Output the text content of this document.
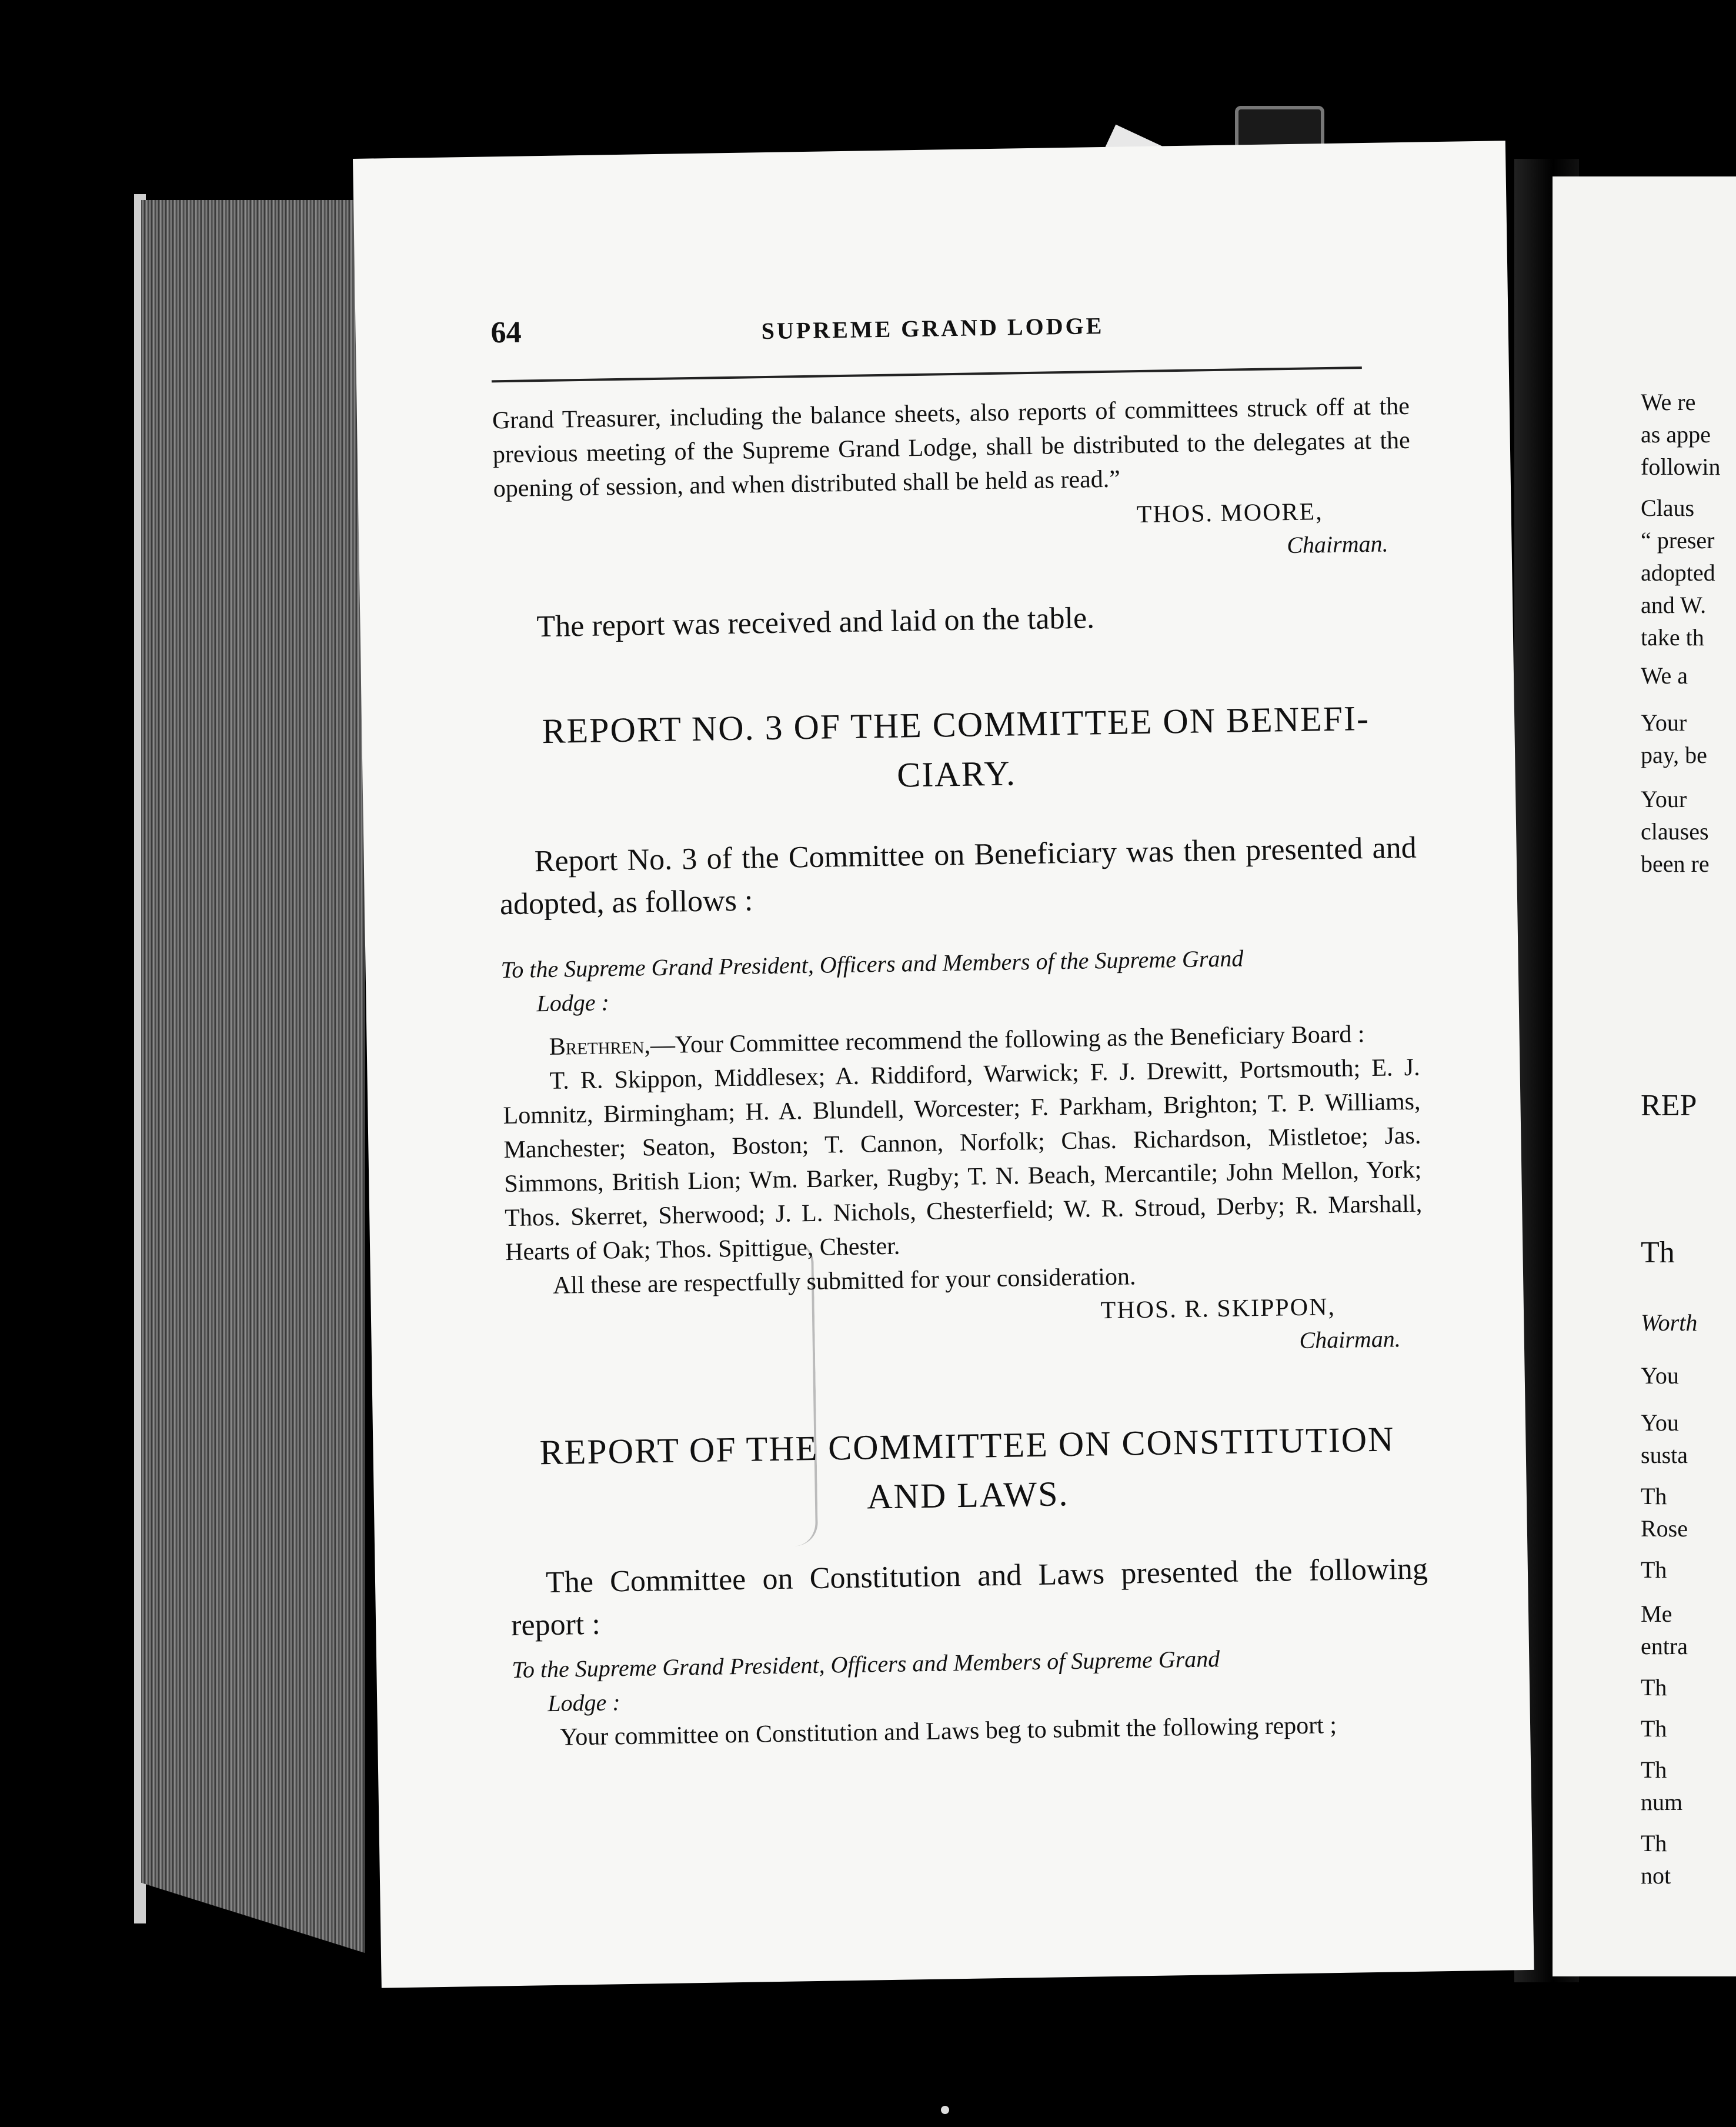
We re
as appe
followin
Claus
“ preser
adopted
and W.
take th
We a
Your
pay, be
Your
clauses
been re
REP
Th
Worth
You
You
susta
Th
Rose
Th
Me
entra
Th
Th
Th
num
Th
not
64	SUPREME GRAND LODGE

Grand Treasurer, including the balance sheets, also reports of committees struck off at the previous meeting of the Supreme Grand Lodge, shall be distributed to the delegates at the opening of session, and when distributed shall be held as read.”

THOS. MOORE,

Chairman.

The report was received and laid on the table.

REPORT NO. 3 OF THE COMMITTEE ON BENEFI-
CIARY.

Report No. 3 of the Committee on Beneficiary was then presented and adopted, as follows :

To the Supreme Grand President, Officers and Members of the Supreme Grand
Lodge :

Brethren,—Your Committee recommend the following as the Beneficiary Board :

T. R. Skippon, Middlesex; A. Riddiford, Warwick; F. J. Drewitt, Portsmouth; E. J. Lomnitz, Birmingham; H. A. Blundell, Worcester; F. Parkham, Brighton; T. P. Williams, Manchester; Seaton, Boston; T. Cannon, Norfolk; Chas. Richardson, Mistletoe; Jas. Simmons, British Lion; Wm. Barker, Rugby; T. N. Beach, Mercantile; John Mellon, York; Thos. Skerret, Sherwood; J. L. Nichols, Chesterfield; W. R. Stroud, Derby; R. Marshall, Hearts of Oak; Thos. Spittigue, Chester.

All these are respectfully submitted for your consideration.

THOS. R. SKIPPON,

Chairman.

REPORT OF THE COMMITTEE ON CONSTITUTION
AND LAWS.

The Committee on Constitution and Laws presented the following report :

To the Supreme Grand President, Officers and Members of Supreme Grand
Lodge :

Your committee on Constitution and Laws beg to submit the following report ;
